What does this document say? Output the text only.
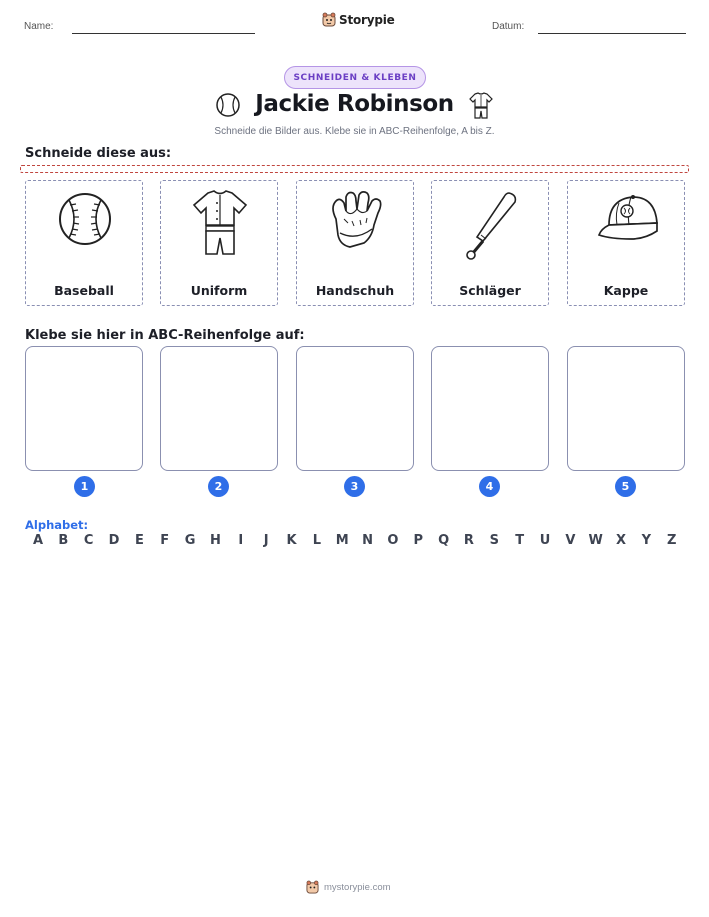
Name:	Storypie	Datum:
SCHNEIDEN & KLEBEN
Jackie Robinson
Schneide die Bilder aus. Klebe sie in ABC-Reihenfolge, A bis Z.
Schneide diese aus:
Baseball	Uniform	Handschuh	Schläger	Kappe
Klebe sie hier in ABC-Reihenfolge auf:
1	2	3	4	5
Alphabet:
A	B	C	D	E	F	G	H	I	J	K	L	M	N	O	P	Q	R	S	T	U	V	W	X	Y	Z
mystorypie.com
